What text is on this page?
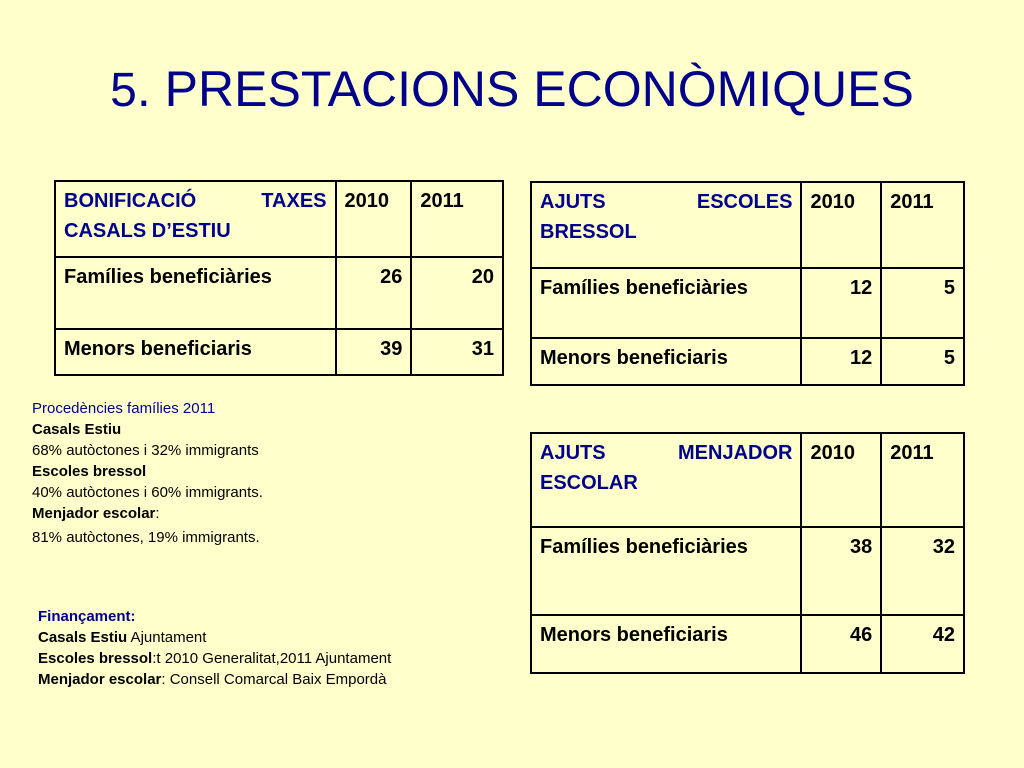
5. PRESTACIONS ECONÒMIQUES
BONIFICACIÓ TAXES CASALS D’ESTIU	2010	2011
Famílies beneficiàries	26	20
Menors beneficiaris	39	31
AJUTS ESCOLES BRESSOL	2010	2011
Famílies beneficiàries	12	5
Menors beneficiaris	12	5
AJUTS MENJADOR ESCOLAR	2010	2011
Famílies beneficiàries	38	32
Menors beneficiaris	46	42
Procedències famílies 2011
Casals Estiu
68% autòctones i 32% immigrants
Escoles bressol
40% autòctones i 60% immigrants.
Menjador escolar:
81% autòctones, 19% immigrants.
Finançament:
Casals Estiu Ajuntament
Escoles bressol:t 2010 Generalitat,2011 Ajuntament
Menjador escolar: Consell Comarcal Baix Empordà
